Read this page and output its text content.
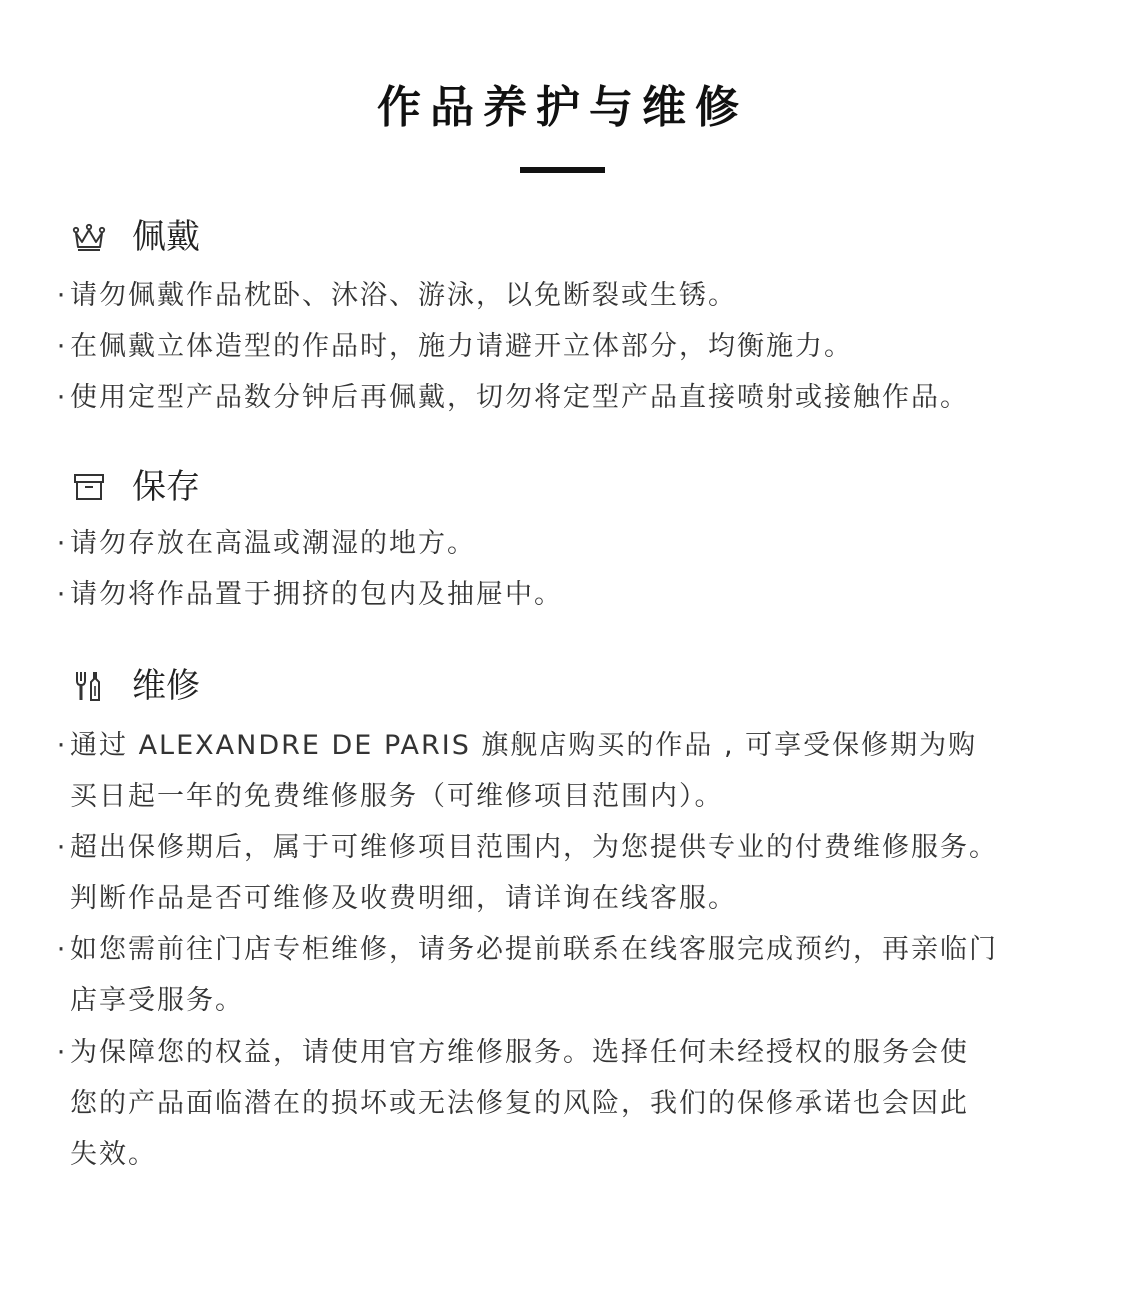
作品养护与维修
佩戴
· 请勿佩戴作品枕卧、沐浴、游泳，以免断裂或生锈。
· 在佩戴立体造型的作品时，施力请避开立体部分，均衡施力。
· 使用定型产品数分钟后再佩戴，切勿将定型产品直接喷射或接触作品。
保存
· 请勿存放在高温或潮湿的地方。
· 请勿将作品置于拥挤的包内及抽屉中。
维修
· 通过 ALEXANDRE DE PARIS 旗舰店购买的作品 , 可享受保修期为购
买日起一年的免费维修服务（可维修项目范围内）。
· 超出保修期后，属于可维修项目范围内，为您提供专业的付费维修服务。
判断作品是否可维修及收费明细，请详询在线客服。
· 如您需前往门店专柜维修，请务必提前联系在线客服完成预约，再亲临门
店享受服务。
· 为保障您的权益，请使用官方维修服务。选择任何未经授权的服务会使
您的产品面临潜在的损坏或无法修复的风险，我们的保修承诺也会因此
失效。
